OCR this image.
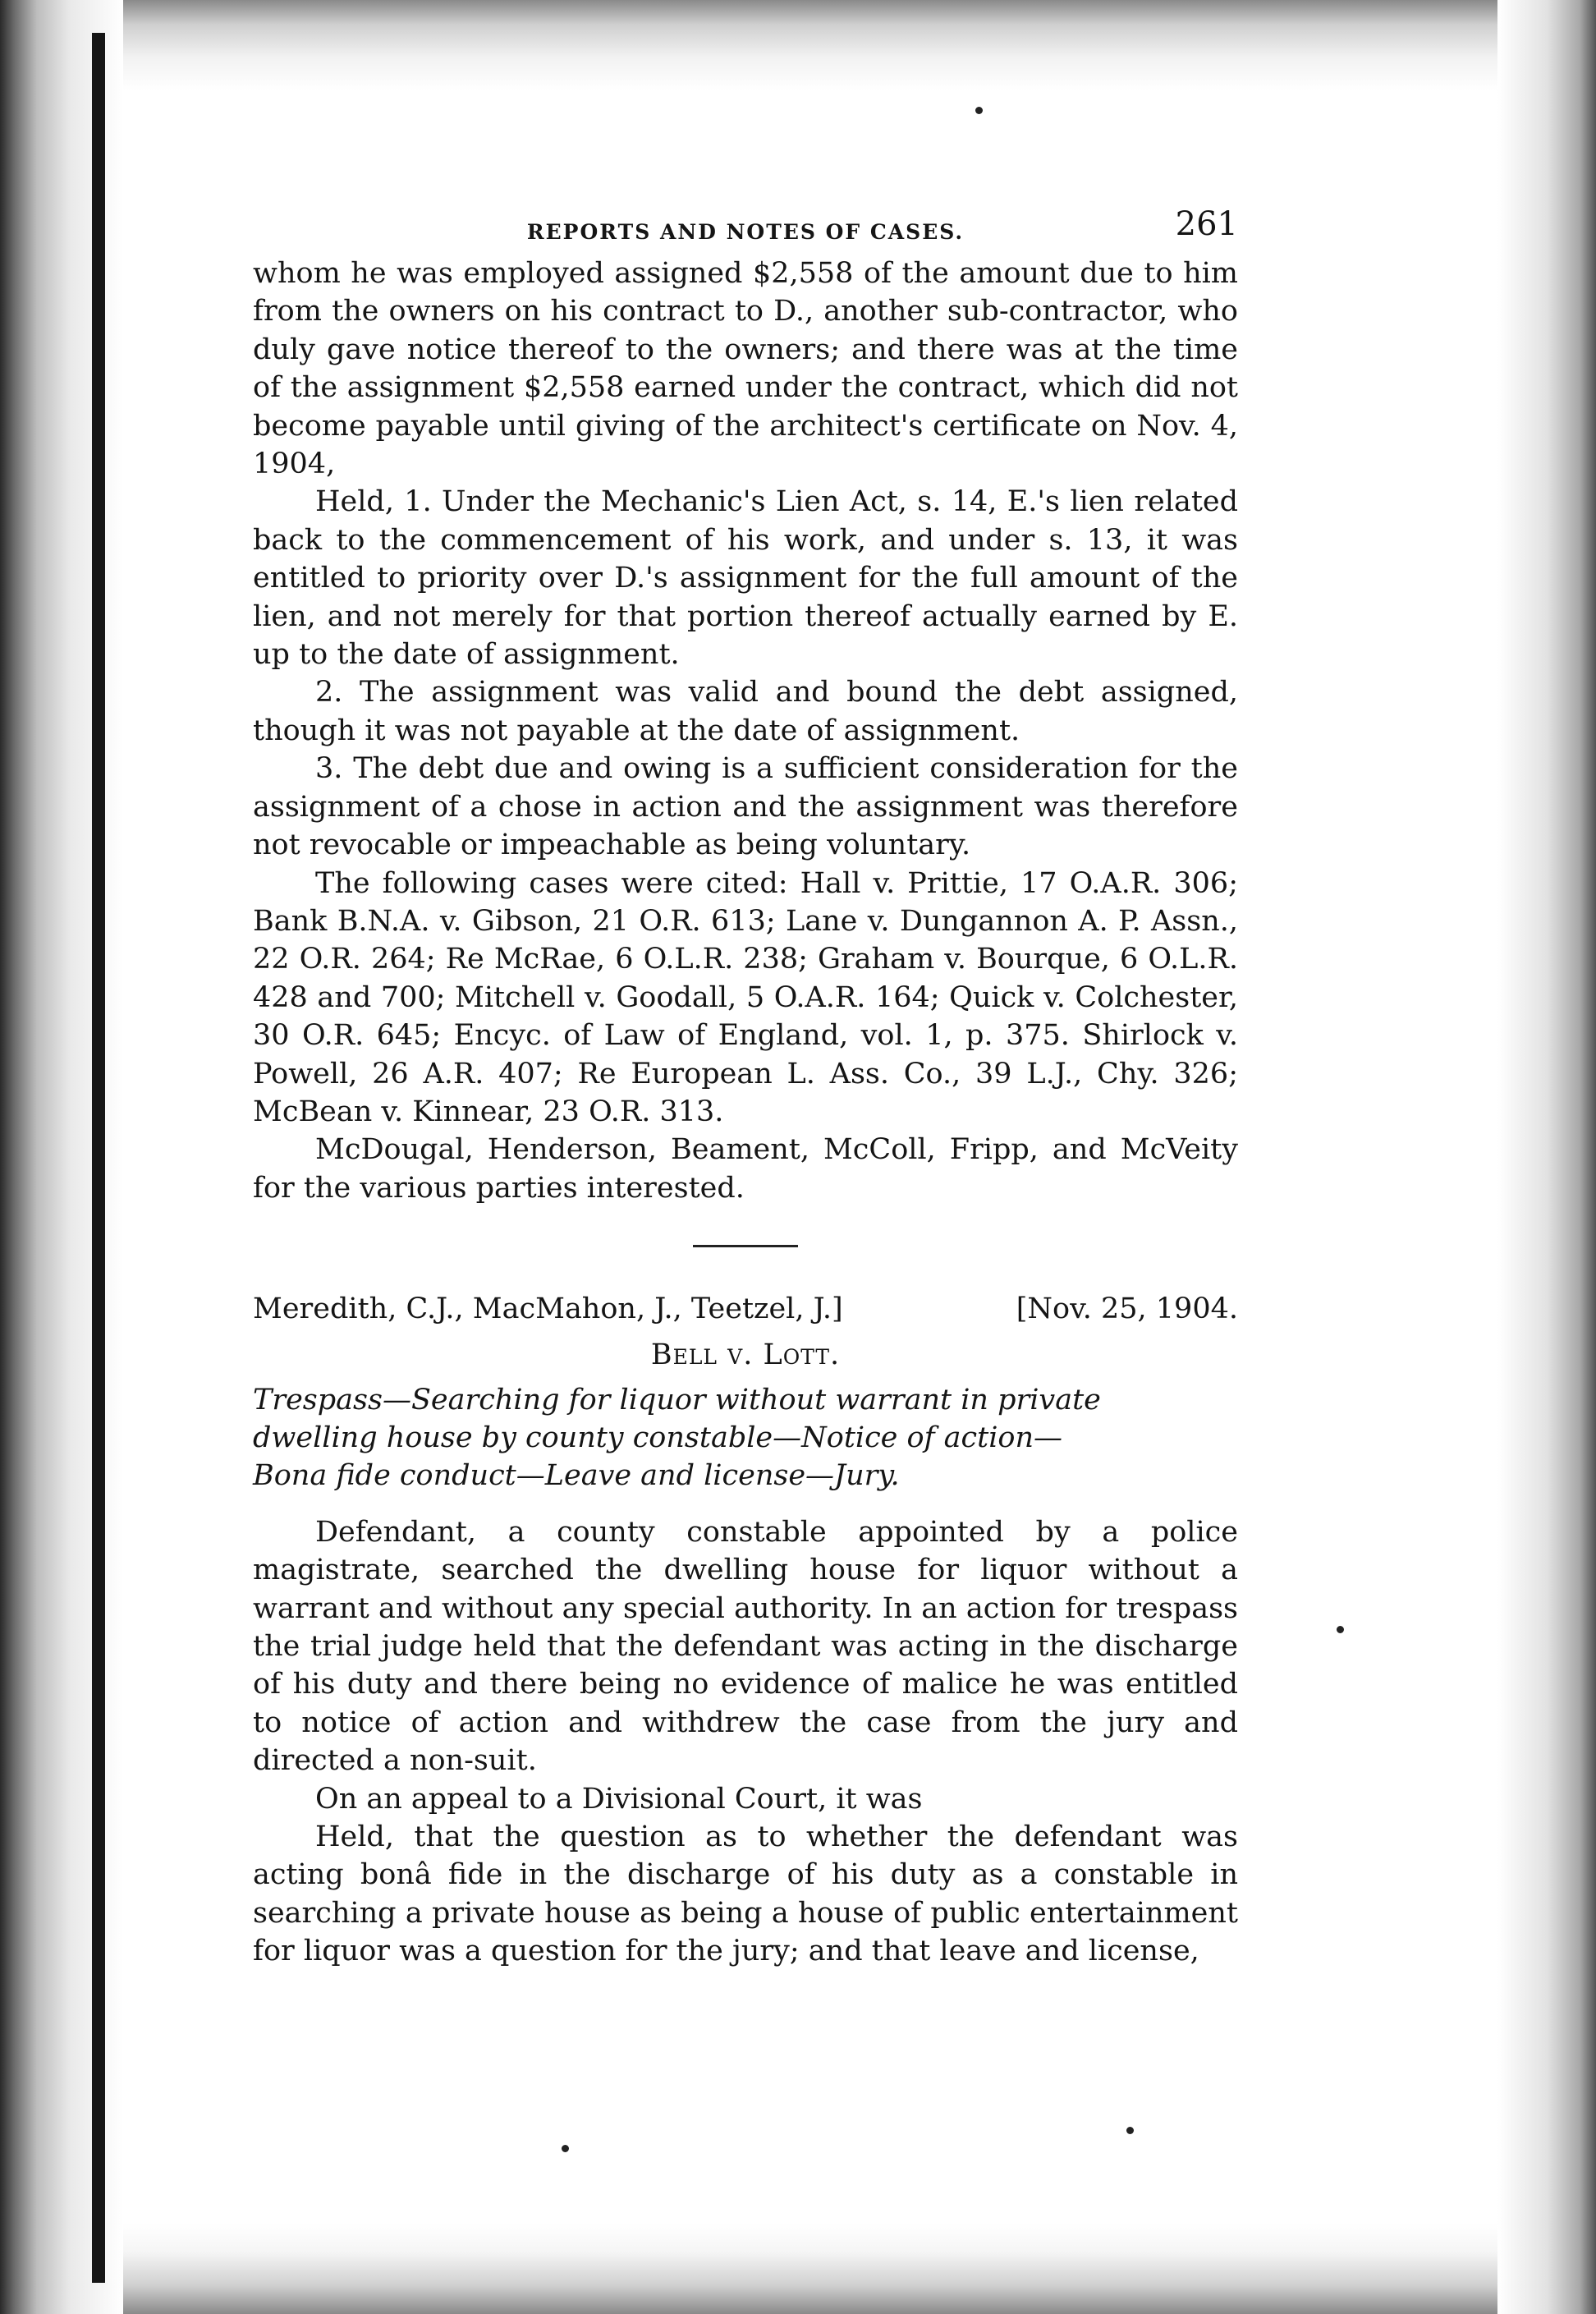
REPORTS AND NOTES OF CASES.	261

whom he was employed assigned $2,558 of the amount due to him from the owners on his contract to D., another sub-contractor, who duly gave notice thereof to the owners; and there was at the time of the assignment $2,558 earned under the contract, which did not become payable until giving of the architect's certificate on Nov. 4, 1904,

Held, 1. Under the Mechanic's Lien Act, s. 14, E.'s lien related back to the commencement of his work, and under s. 13, it was entitled to priority over D.'s assignment for the full amount of the lien, and not merely for that portion thereof actually earned by E. up to the date of assignment.

2. The assignment was valid and bound the debt assigned, though it was not payable at the date of assignment.

3. The debt due and owing is a sufficient consideration for the assignment of a chose in action and the assignment was therefore not revocable or impeachable as being voluntary.

The following cases were cited: Hall v. Prittie, 17 O.A.R. 306; Bank B.N.A. v. Gibson, 21 O.R. 613; Lane v. Dungannon A. P. Assn., 22 O.R. 264; Re McRae, 6 O.L.R. 238; Graham v. Bourque, 6 O.L.R. 428 and 700; Mitchell v. Goodall, 5 O.A.R. 164; Quick v. Colchester, 30 O.R. 645; Encyc. of Law of England, vol. 1, p. 375. Shirlock v. Powell, 26 A.R. 407; Re European L. Ass. Co., 39 L.J., Chy. 326; McBean v. Kinnear, 23 O.R. 313.

McDougal, Henderson, Beament, McColl, Fripp, and McVeity for the various parties interested.

Meredith, C.J., MacMahon, J., Teetzel, J.]	[Nov. 25, 1904.
Bell v. Lott.
Trespass—Searching for liquor without warrant in private
dwelling house by county constable—Notice of action—
Bona fide conduct—Leave and license—Jury.

Defendant, a county constable appointed by a police magistrate, searched the dwelling house for liquor without a warrant and without any special authority. In an action for trespass the trial judge held that the defendant was acting in the discharge of his duty and there being no evidence of malice he was entitled to notice of action and withdrew the case from the jury and directed a non-suit.

On an appeal to a Divisional Court, it was

Held, that the question as to whether the defendant was acting bonâ fide in the discharge of his duty as a constable in searching a private house as being a house of public entertainment for liquor was a question for the jury; and that leave and license,
